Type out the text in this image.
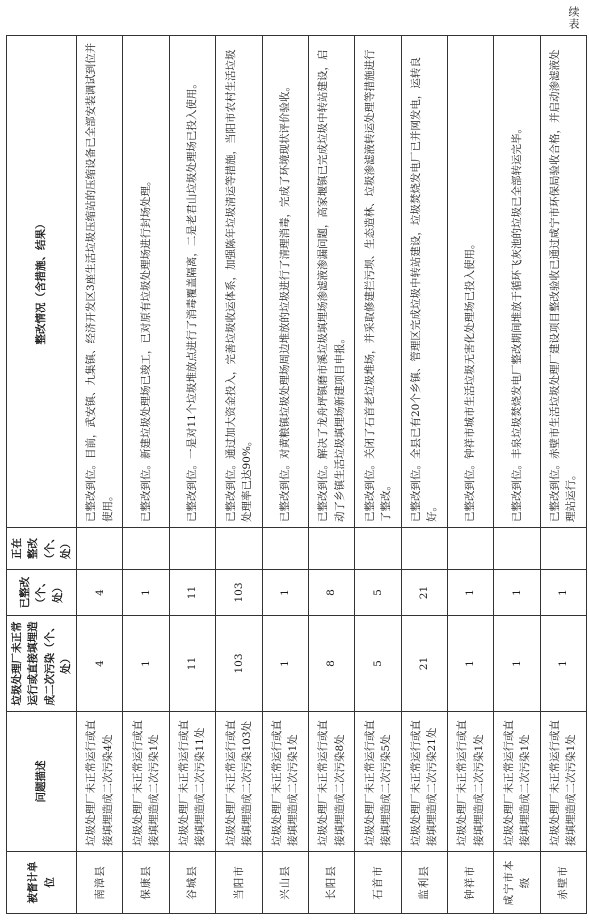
续表
被督计单位	问题描述	垃圾处理厂未正常运行或直接填埋造成二次污染（个、处）	已整改（个、处）	正在整改（个、处）	整改情况（含措施、结果）
南漳县	垃圾处理厂未正常运行或直接填埋造成二次污染4处	4	4		已整改到位。目前，武安镇、九集镇、经济开发区3座生活垃圾压缩站的压缩设备已全部安装调试到位并使用。
保康县	垃圾处理厂未正常运行或直接填埋造成二次污染1处	1	1		已整改到位。新建垃圾处理场已竣工，已对原有垃圾处理场进行封场处理。
谷城县	垃圾处理厂未正常运行或直接填埋造成二次污染11处	11	11		已整改到位。一是对11个垃圾堆放点进行了消毒覆盖隔离，二是老君山垃圾处理场已投入使用。
当阳市	垃圾处理厂未正常运行或直接填埋造成二次污染103处	103	103		已整改到位。通过加大资金投入，完善垃圾收运体系，加强陈年垃圾清运等措施，当阳市农村生活垃圾处理率已达90%。
兴山县	垃圾处理厂未正常运行或直接填埋造成二次污染1处	1	1		已整改到位。对黄粮镇垃圾处理场周边堆放的垃圾进行了清理消毒，完成了环境现状评价验收。
长阳县	垃圾处理厂未正常运行或直接填埋造成二次污染8处	8	8		已整改到位。解决了龙舟坪镇磨市溪垃圾填埋场渗滤液渗漏问题，高家堰镇已完成垃圾中转站建设，启动了乡镇生活垃圾填埋场新建项目申报。
石首市	垃圾处理厂未正常运行或直接填埋造成二次污染5处	5	5		已整改到位。关闭了石首老垃圾堆场，并采取修建拦污坝、生态造林、垃圾渗滤液转运处理等措施进行了整改。
监利县	垃圾处理厂未正常运行或直接填埋造成二次污染21处	21	21		已整改到位。全县已有20个乡镇、管理区完成垃圾中转站建设，垃圾焚烧发电厂已并网发电，运转良好。
钟祥市	垃圾处理厂未正常运行或直接填埋造成二次污染1处	1	1		已整改到位。钟祥市城市生活垃圾无害化处理场已投入使用。
咸宁市本级	垃圾处理厂未正常运行或直接填埋造成二次污染1处	1	1		已整改到位。丰泉垃圾焚烧发电厂整改期间堆放于循环飞灰池的垃圾已全部转运完毕。
赤壁市	垃圾处理厂未正常运行或直接填埋造成二次污染1处	1	1		已整改到位。赤壁市生活垃圾处理厂建设项目整改验收已通过咸宁市环保局验收合格，并启动渗滤液处理站运行。
